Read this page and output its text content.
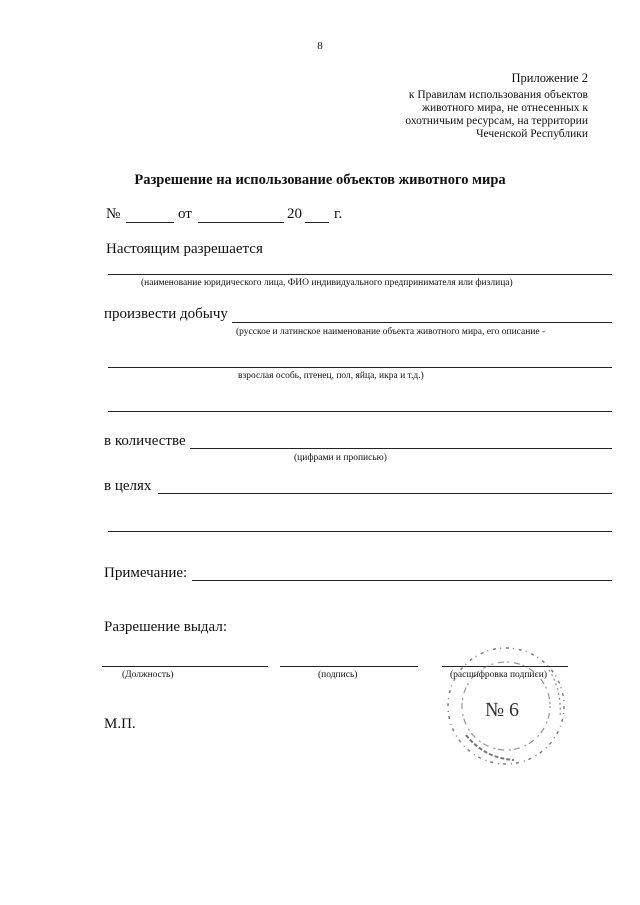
8
Приложение 2
к Правилам использования объектов
животного мира, не отнесенных к
охотничьим ресурсам, на территории
Чеченской Республики
Разрешение на использование объектов животного мира
№	от	20 г.
Настоящим разрешается
(наименование юридического лица, ФИО индивидуального предпринимателя или физлица)
произвести добычу
(русское и латинское наименование объекта животного мира, его описание -
взрослая особь, птенец, пол, яйца, икра и т.д.)
в количестве
(цифрами и прописью)
в целях
Примечание:
Разрешение выдал:
(Должность)	(подпись)	(расшифровка подписи)
М.П.
№ 6
